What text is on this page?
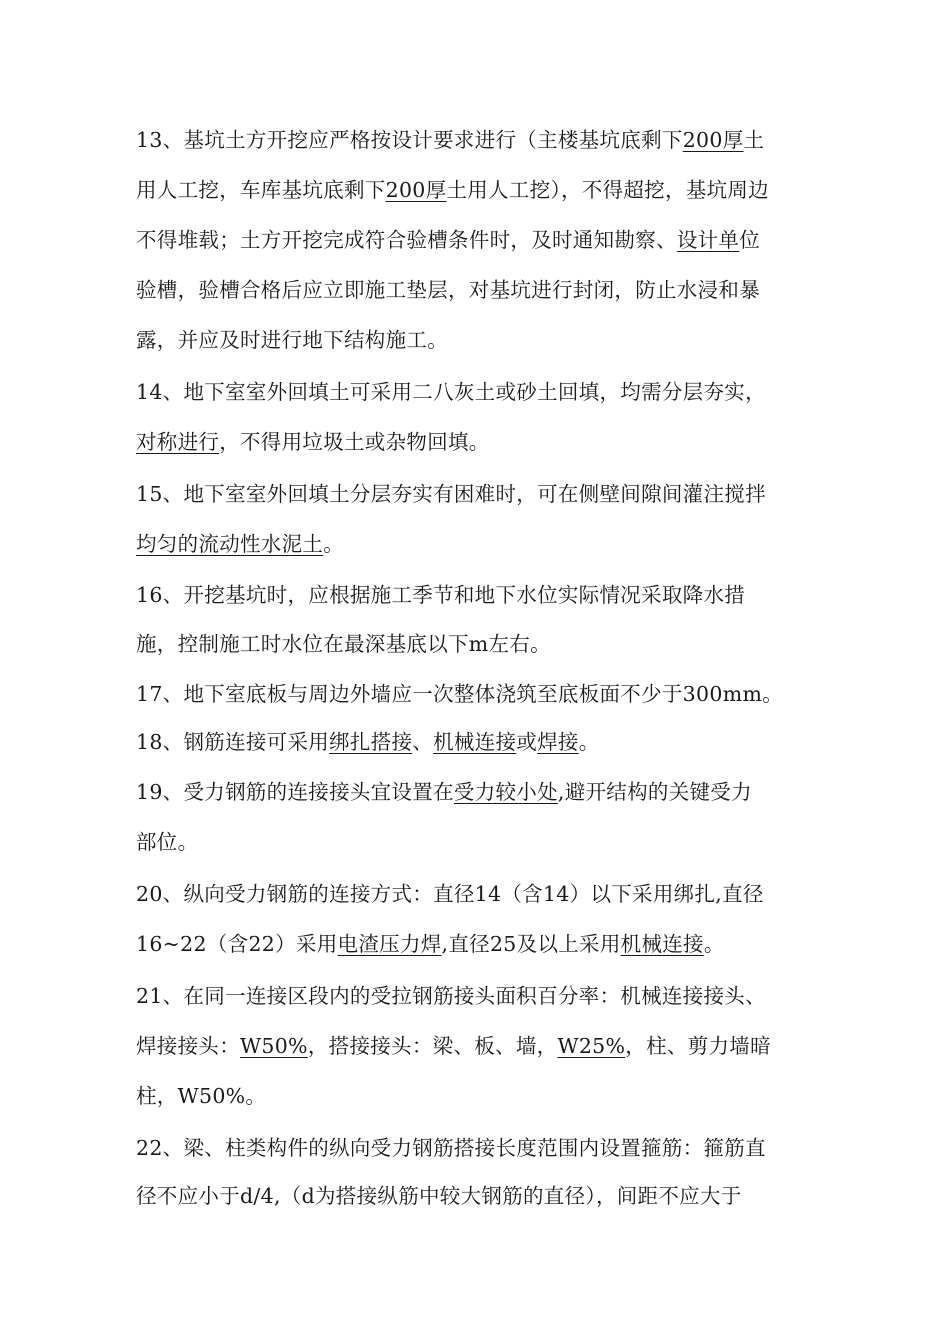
13、基坑土方开挖应严格按设计要求进行（主楼基坑底剩下200厚土
用人工挖，车库基坑底剩下200厚土用人工挖），不得超挖，基坑周边
不得堆载；土方开挖完成符合验槽条件时，及时通知勘察、设计单位
验槽，验槽合格后应立即施工垫层，对基坑进行封闭，防止水浸和暴
露，并应及时进行地下结构施工。
14、地下室室外回填土可采用二八灰土或砂土回填，均需分层夯实，
对称进行，不得用垃圾土或杂物回填。
15、地下室室外回填土分层夯实有困难时，可在侧壁间隙间灌注搅拌
均匀的流动性水泥土。
16、开挖基坑时，应根据施工季节和地下水位实际情况采取降水措
施，控制施工时水位在最深基底以下m左右。
17、地下室底板与周边外墙应一次整体浇筑至底板面不少于300mm。
18、钢筋连接可采用绑扎搭接、机械连接或焊接。
19、受力钢筋的连接接头宜设置在受力较小处,避开结构的关键受力
部位。
20、纵向受力钢筋的连接方式：直径14（含14）以下采用绑扎,直径
16~22（含22）采用电渣压力焊,直径25及以上采用机械连接。
21、在同一连接区段内的受拉钢筋接头面积百分率：机械连接接头、
焊接接头：W50%，搭接接头：梁、板、墙，W25%，柱、剪力墙暗
柱，W50%。
22、梁、柱类构件的纵向受力钢筋搭接长度范围内设置箍筋：箍筋直
径不应小于d/4,（d为搭接纵筋中较大钢筋的直径），间距不应大于
